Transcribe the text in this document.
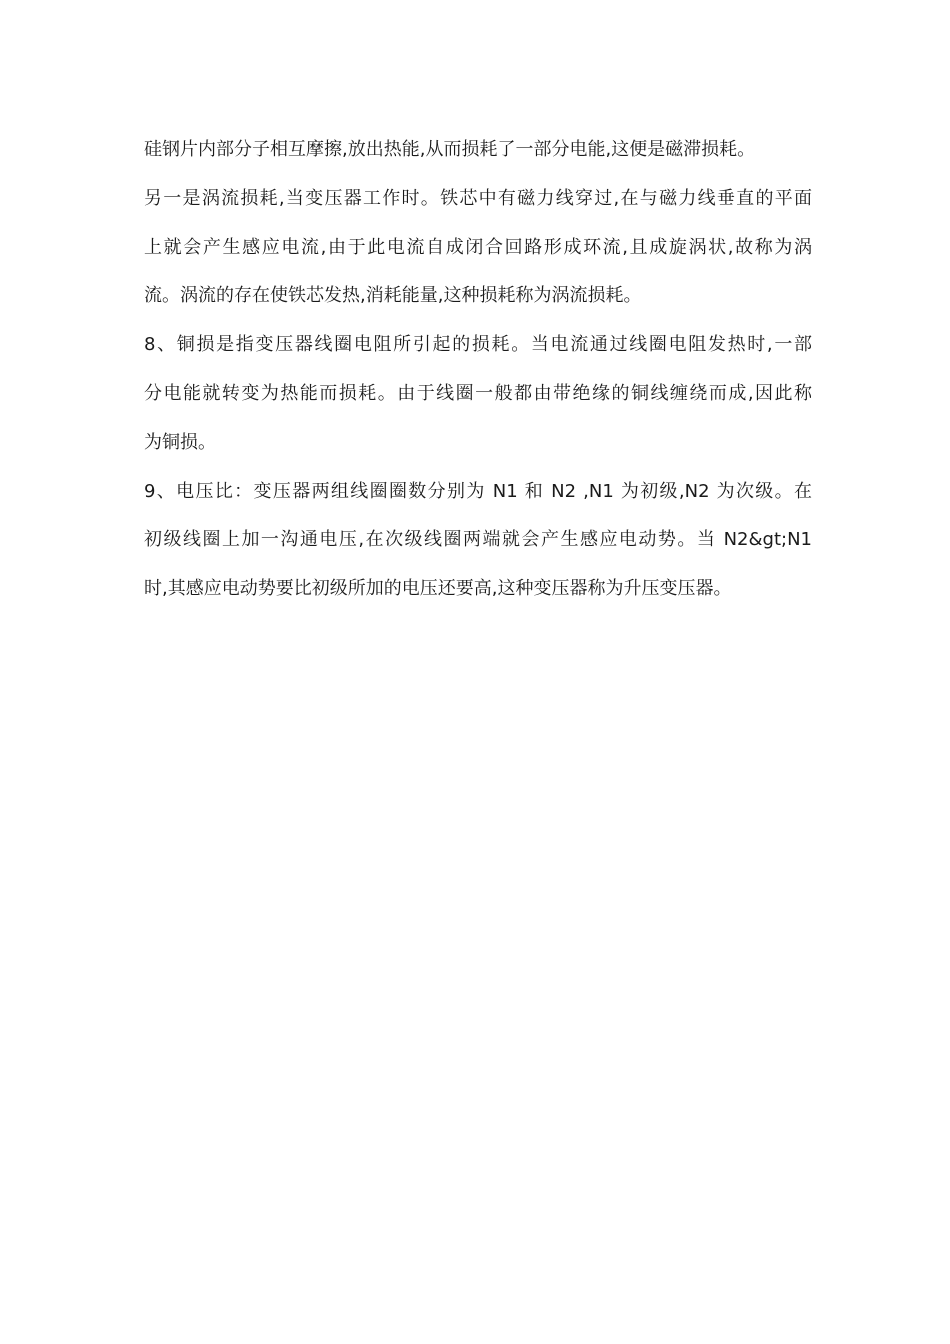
硅钢片内部分子相互摩擦,放出热能,从而损耗了一部分电能,这便是磁滞损耗。
另一是涡流损耗,当变压器工作时。铁芯中有磁力线穿过,在与磁力线垂直的平面
上就会产生感应电流,由于此电流自成闭合回路形成环流,且成旋涡状,故称为涡
流。涡流的存在使铁芯发热,消耗能量,这种损耗称为涡流损耗。
8、铜损是指变压器线圈电阻所引起的损耗。当电流通过线圈电阻发热时,一部
分电能就转变为热能而损耗。由于线圈一般都由带绝缘的铜线缠绕而成,因此称
为铜损。
9、电压比：变压器两组线圈圈数分别为 N1 和 N2 ,N1 为初级,N2 为次级。在
初级线圈上加一沟通电压,在次级线圈两端就会产生感应电动势。当 N2&gt;N1
时,其感应电动势要比初级所加的电压还要高,这种变压器称为升压变压器。
